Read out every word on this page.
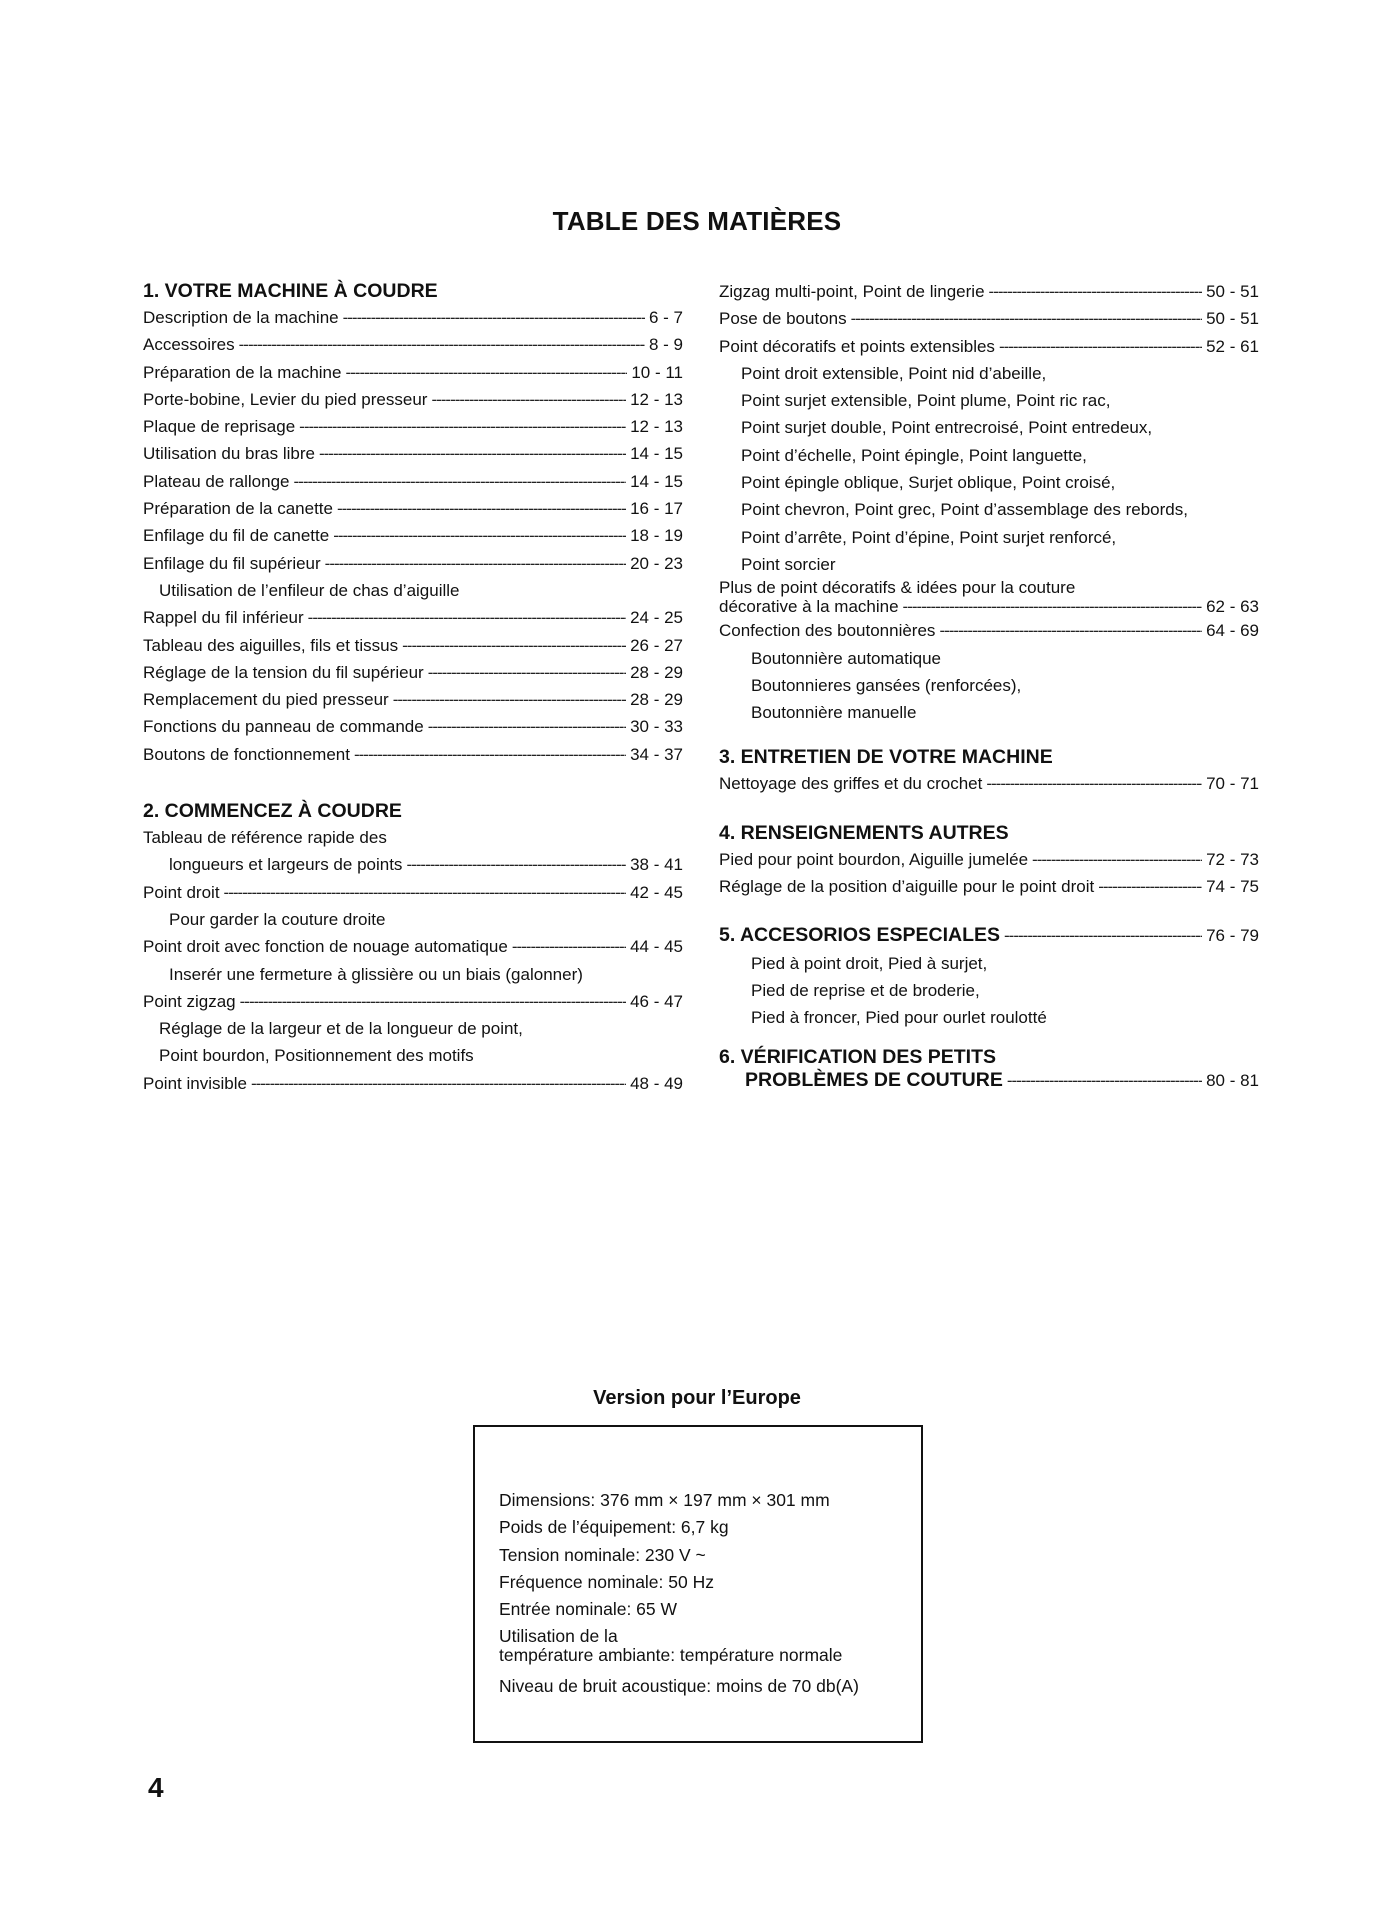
TABLE DES MATIÈRES
1. VOTRE MACHINE À COUDRE
Description de la machine -----	6 - 7
Accessoires -----	8 - 9
Préparation de la machine -----	10 - 11
Porte-bobine, Levier du pied presseur -----	12 - 13
Plaque de reprisage -----	12 - 13
Utilisation du bras libre -----	14 - 15
Plateau de rallonge -----	14 - 15
Préparation de la canette -----	16 - 17
Enfilage du fil de canette -----	18 - 19
Enfilage du fil supérieur -----	20 - 23
Utilisation de l’enfileur de chas d’aiguille
Rappel du fil inférieur -----	24 - 25
Tableau des aiguilles, fils et tissus -----	26 - 27
Réglage de la tension du fil supérieur -----	28 - 29
Remplacement du pied presseur -----	28 - 29
Fonctions du panneau de commande -----	30 - 33
Boutons de fonctionnement -----	34 - 37
2. COMMENCEZ À COUDRE
Tableau de référence rapide des
longueurs et largeurs de points -----	38 - 41
Point droit -----	42 - 45
Pour garder la couture droite
Point droit avec fonction de nouage automatique -----	44 - 45
Inserér une fermeture à glissière ou un biais (galonner)
Point zigzag -----	46 - 47
Réglage de la largeur et de la longueur de point,
Point bourdon, Positionnement des motifs
Point invisible -----	48 - 49
Zigzag multi-point, Point de lingerie -----	50 - 51
Pose de boutons -----	50 - 51
Point décoratifs et points extensibles -----	52 - 61
Point droit extensible, Point nid d’abeille,
Point surjet extensible, Point plume, Point ric rac,
Point surjet double, Point entrecroisé, Point entredeux,
Point d’échelle, Point épingle, Point languette,
Point épingle oblique, Surjet oblique, Point croisé,
Point chevron, Point grec, Point d’assemblage des rebords,
Point d’arrête, Point d’épine, Point surjet renforcé,
Point sorcier
Plus de point décoratifs & idées pour la couture
décorative à la machine -----	62 - 63
Confection des boutonnières -----	64 - 69
Boutonnière automatique
Boutonnieres gansées (renforcées),
Boutonnière manuelle
3. ENTRETIEN DE VOTRE MACHINE
Nettoyage des griffes et du crochet -----	70 - 71
4. RENSEIGNEMENTS AUTRES
Pied pour point bourdon, Aiguille jumelée -----	72 - 73
Réglage de la position d’aiguille pour le point droit -----	74 - 75
5. ACCESORIOS ESPECIALES -----	76 - 79
Pied à point droit, Pied à surjet,
Pied de reprise et de broderie,
Pied à froncer, Pied pour ourlet roulotté
6. VÉRIFICATION DES PETITS
PROBLÈMES DE COUTURE -----	80 - 81
Version pour l’Europe
Dimensions: 376 mm × 197 mm × 301 mm
Poids de l’équipement: 6,7 kg
Tension nominale: 230 V ~
Fréquence nominale: 50 Hz
Entrée nominale: 65 W
Utilisation de la
température ambiante: température normale
Niveau de bruit acoustique: moins de 70 db(A)
4
